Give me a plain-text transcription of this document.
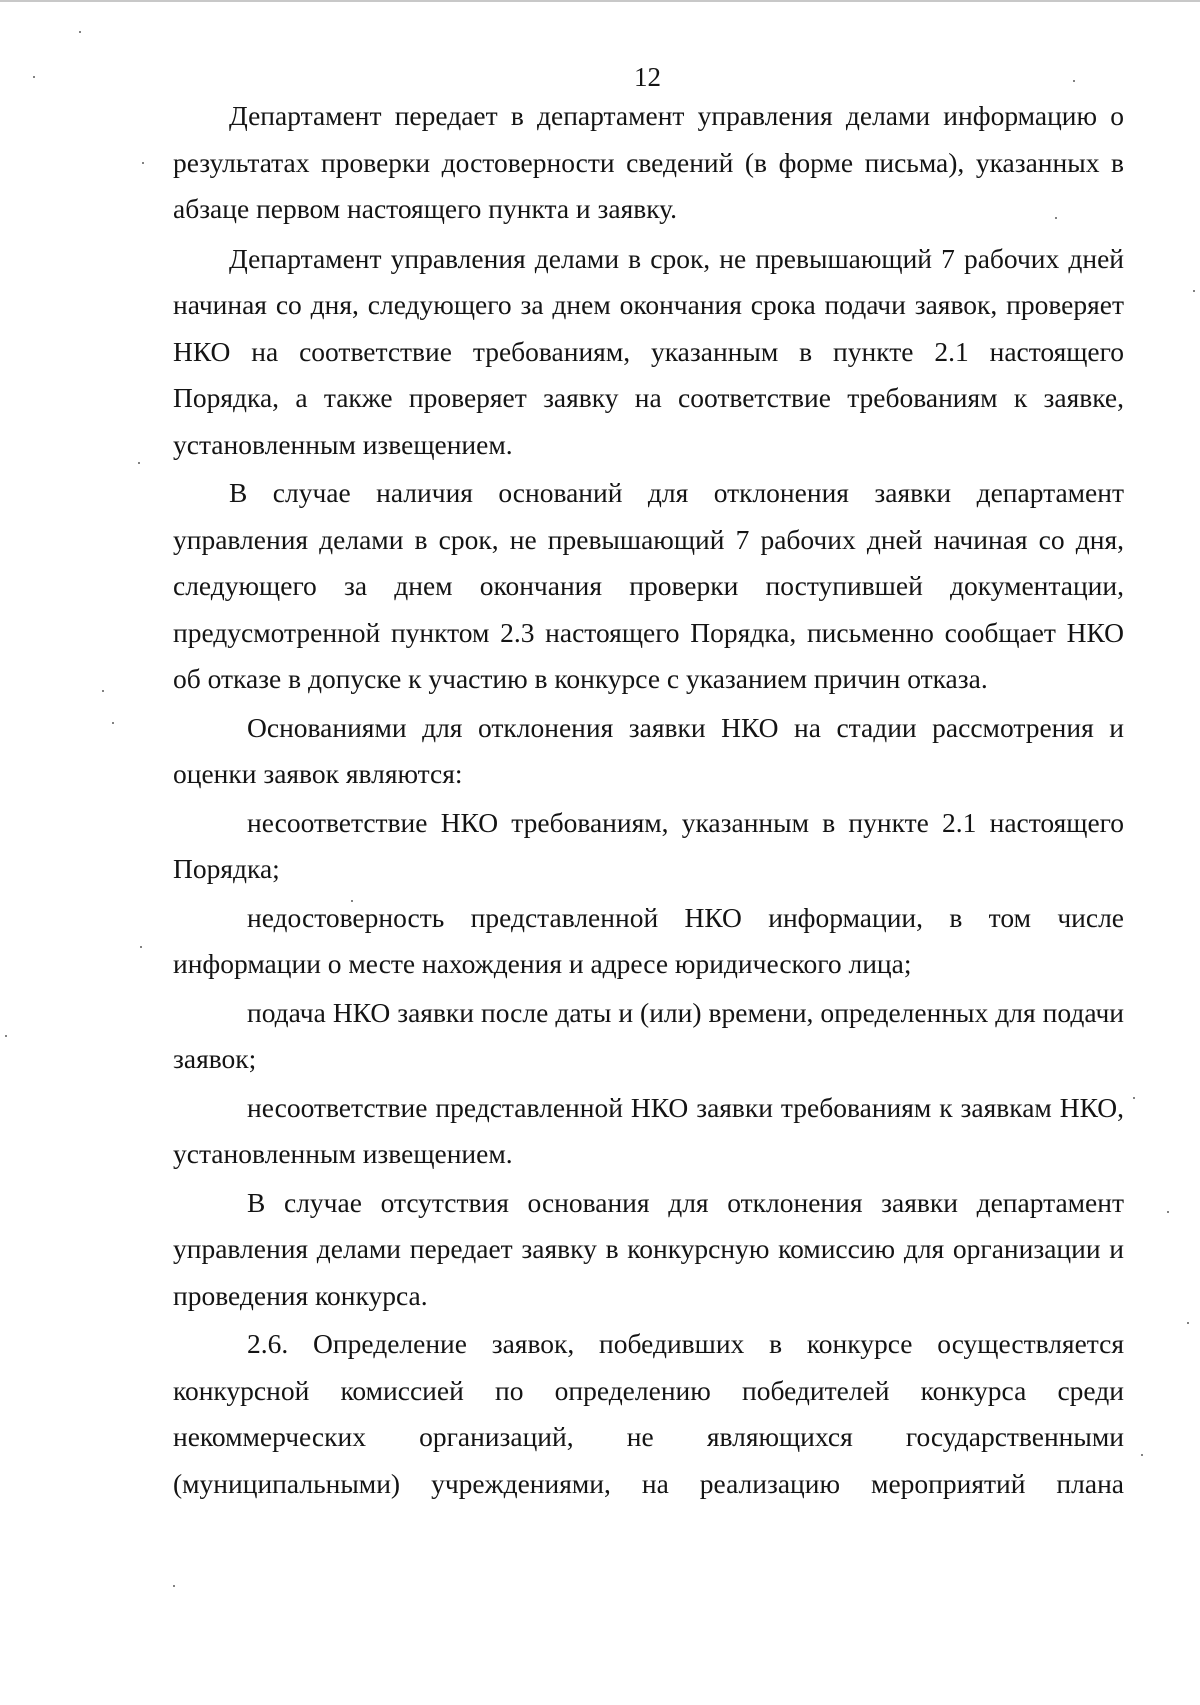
12

Департамент передает в департамент управления делами информацию о результатах проверки достоверности сведений (в форме письма), указанных в абзаце первом настоящего пункта и заявку.

Департамент управления делами в срок, не превышающий 7 рабочих дней начиная со дня, следующего за днем окончания срока подачи заявок, проверяет НКО на соответствие требованиям, указанным в пункте 2.1 настоящего Порядка, а также проверяет заявку на соответствие требованиям к заявке, установленным извещением.

В случае наличия оснований для отклонения заявки департамент управления делами в срок, не превышающий 7 рабочих дней начиная со дня, следующего за днем окончания проверки поступившей документации, предусмотренной пунктом 2.3 настоящего Порядка, письменно сообщает НКО об отказе в допуске к участию в конкурсе с указанием причин отказа.

Основаниями для отклонения заявки НКО на стадии рассмотрения и оценки заявок являются:

несоответствие НКО требованиям, указанным в пункте 2.1 настоящего Порядка;

недостоверность представленной НКО информации, в том числе информации о месте нахождения и адресе юридического лица;

подача НКО заявки после даты и (или) времени, определенных для подачи заявок;

несоответствие представленной НКО заявки требованиям к заявкам НКО, установленным извещением.

В случае отсутствия основания для отклонения заявки департамент управления делами передает заявку в конкурсную комиссию для организации и проведения конкурса.

2.6. Определение заявок, победивших в конкурсе осуществляется конкурсной комиссией по определению победителей конкурса среди некоммерческих организаций, не являющихся государственными (муниципальными) учреждениями, на реализацию мероприятий плана
